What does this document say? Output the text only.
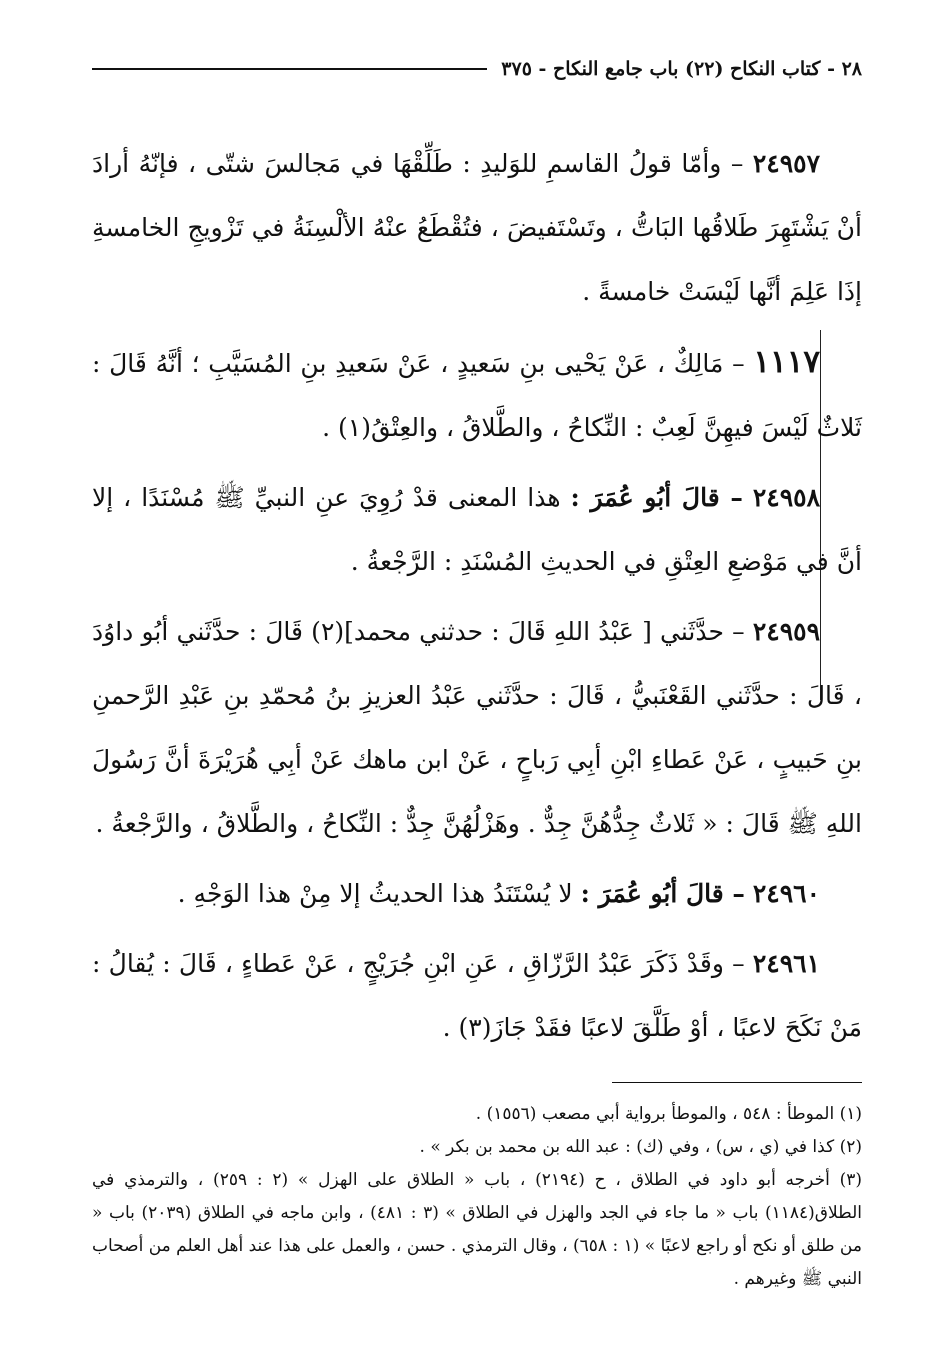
٢٨ - كتاب النكاح (٢٢) باب جامع النكاح - ٣٧٥

٢٤٩٥٧ – وأمّا قولُ القاسمِ للوَليدِ : طَلِّقْهَا في مَجالسَ شتّى ، فإنّهُ أرادَ أنْ يَشْتَهِرَ طَلاقُها البَاتُّ ، وتَسْتَفيضَ ، فتُقْطَعُ عنْهُ الألْسِنَةُ في تَزْويجِ الخامسةِ إذَا عَلِمَ أنَّها لَيْسَتْ خامسةً .

١١١٧ – مَالِكٌ ، عَنْ يَحْيى بنِ سَعيدٍ ، عَنْ سَعيدِ بنِ المُسَيَّبِ ؛ أنَّهُ قَالَ : ثَلاثٌ لَيْسَ فيهِنَّ لَعِبٌ : النِّكاحُ ، والطَّلاقُ ، والعِتْقُ(١) .

٢٤٩٥٨ – قالَ أبُو عُمَرَ : هذا المعنى قدْ رُوِيَ عنِ النبيِّ ﷺ مُسْنَدًا ، إلا أنَّ في مَوْضعِ العِتْقِ في الحديثِ المُسْنَدِ : الرَّجْعةُ .

٢٤٩٥٩ – حدَّثَني [ عَبْدُ اللهِ قَالَ : حدثني محمد](٢) قَالَ : حدَّثَني أبُو داوُدَ ، قَالَ : حدَّثَني القَعْنَبيُّ ، قَالَ : حدَّثَني عَبْدُ العزيزِ بنُ مُحمّدِ بنِ عَبْدِ الرَّحمنِ بنِ حَبيبٍ ، عَنْ عَطاءِ ابْنِ أبِي رَباحٍ ، عَنْ ابن ماهك عَنْ أبِي هُرَيْرَةَ أنَّ رَسُولَ اللهِ ﷺ قَالَ : « ثَلاثٌ جِدُّهُنَّ جِدٌّ . وهَزْلُهُنَّ جِدٌّ : النِّكاحُ ، والطَّلاقُ ، والرَّجْعةُ .

٢٤٩٦٠ – قالَ أبُو عُمَرَ : لا يُسْتَنَدُ هذا الحديثُ إلا مِنْ هذا الوَجْهِ .

٢٤٩٦١ – وقَدْ ذَكَرَ عَبْدُ الرَّزّاقِ ، عَنِ ابْنِ جُرَيْجٍ ، عَنْ عَطاءٍ ، قَالَ : يُقالُ : مَنْ نَكَحَ لاعبًا ، أوْ طَلَّقَ لاعبًا فقَدْ جَازَ(٣) .

(١) الموطأ : ٥٤٨ ، والموطأ برواية أبي مصعب (١٥٥٦) .

(٢) كذا في (ي ، س) ، وفي (ك) : عبد الله بن محمد بن بكر » .

(٣) أخرجه أبو داود في الطلاق ، ح (٢١٩٤) ، باب « الطلاق على الهزل » (٢ : ٢٥٩) ، والترمذي في الطلاق(١١٨٤) باب « ما جاء في الجد والهزل في الطلاق » (٣ : ٤٨١) ، وابن ماجه في الطلاق (٢٠٣٩) باب « من طلق أو نكح أو راجع لاعبًا » (١ : ٦٥٨) ، وقال الترمذي . حسن ، والعمل على هذا عند أهل العلم من أصحاب النبي ﷺ وغيرهم .
